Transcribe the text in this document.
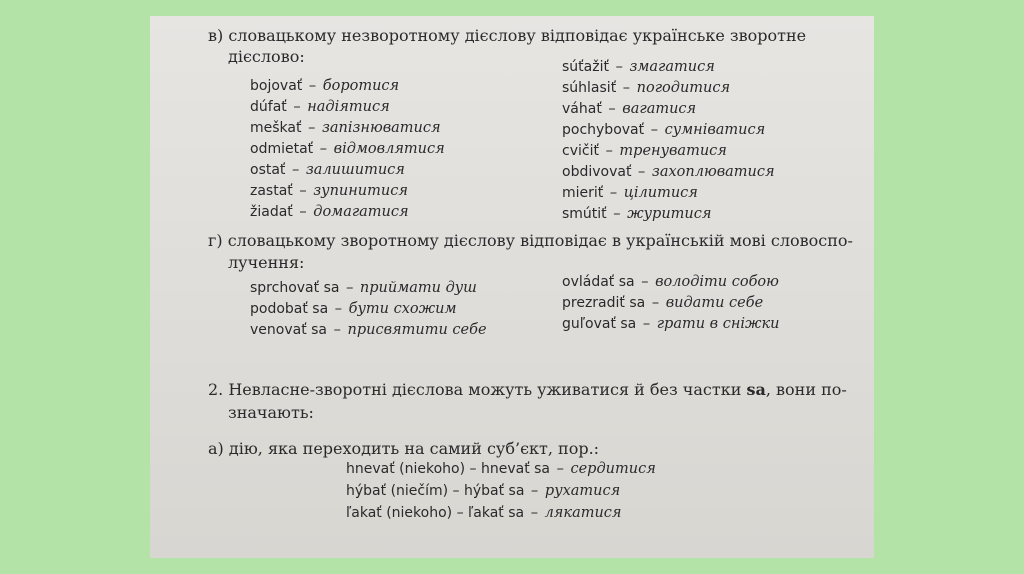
в) словацькому незворотному дієслову відповідає українське зворотне
дієслово:
bojovať – боротися
dúfať – надіятися
meškať – запізнюватися
odmietať – відмовлятися
ostať – залишитися
zastať – зупинитися
žiadať – домагатися
súťažiť – змагатися
súhlasiť – погодитися
váhať – вагатися
pochybovať – сумніватися
cvičiť – тренуватися
obdivovať – захоплюватися
mieriť – цілитися
smútiť – журитися
г) словацькому зворотному дієслову відповідає в українській мові словоспо-
лучення:
sprchovať sa – приймати душ
podobať sa – бути схожим
venovať sa – присвятити себе
ovládať sa – володіти собою
prezradiť sa – видати себе
guľovať sa – грати в сніжки
2. Невласне-зворотні дієслова можуть уживатися й без частки sa, вони по-
значають:
а) дію, яка переходить на самий суб’єкт, пор.:
hnevať (niekoho) – hnevať sa – сердитися
hýbať (niečím) – hýbať sa – рухатися
ľakať (niekoho) – ľakať sa – лякатися
